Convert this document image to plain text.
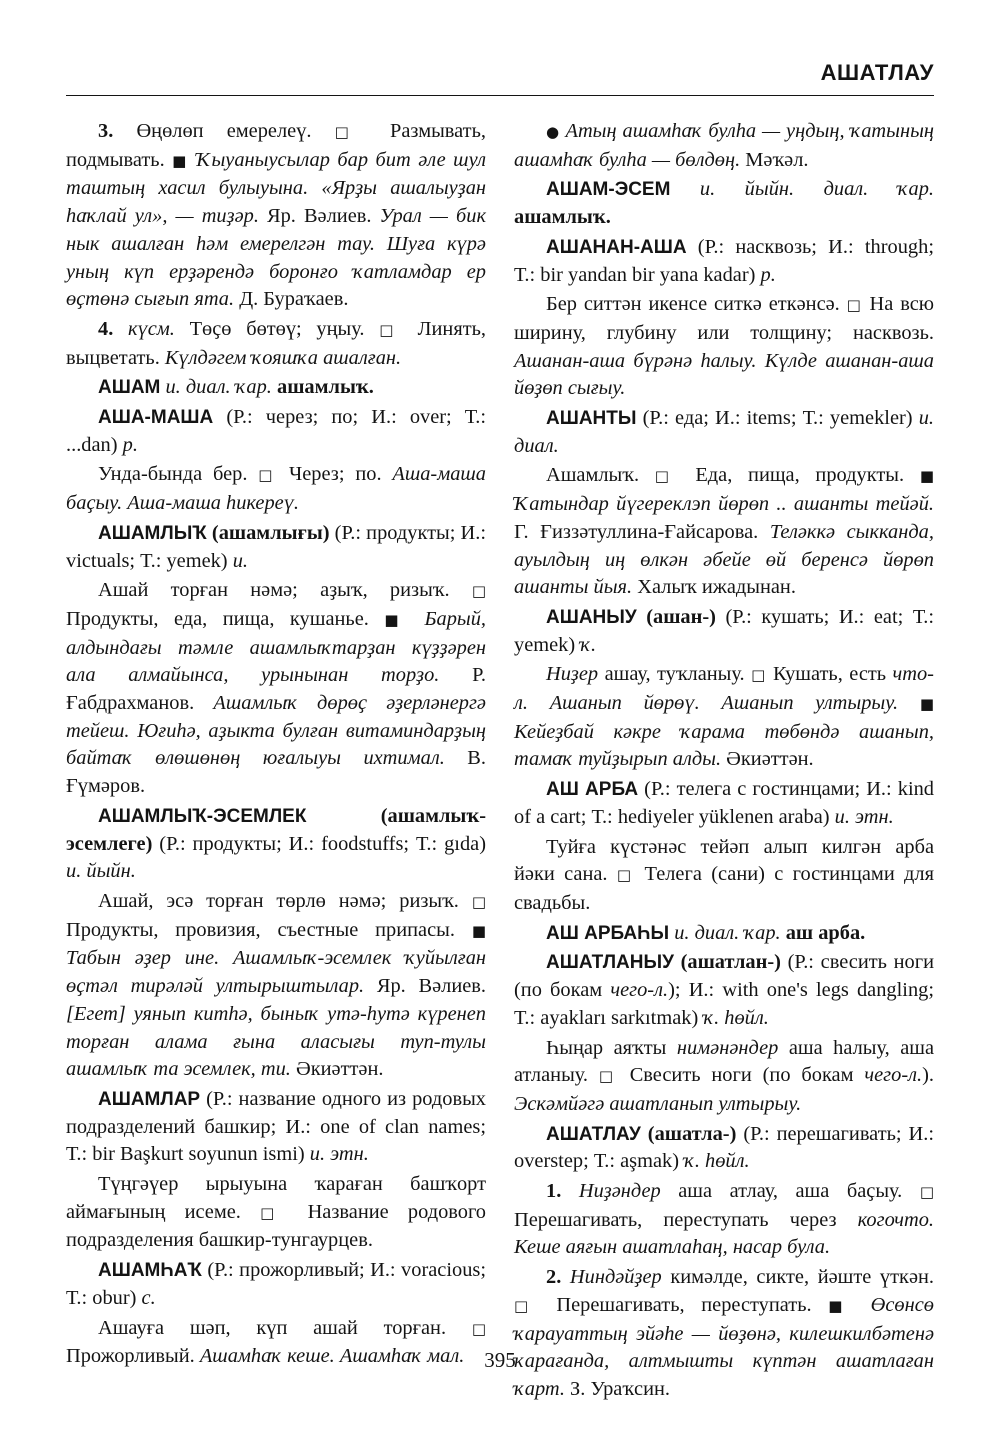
АШАТЛАУ

3. Өңөлөп емерелеү. □ Размывать, подмывать. ■ Ҡыуаныусылар бар бит әле шул таштың хасил булыуына. «Ярҙы ашалыуҙан һаҡлай ул», — тиҙәр. Яр. Вәлиев. Урал — бик нык ашалған һәм емерелгән тау. Шуға күрә уның күп ерҙәрендә боронғо ҡатламдар ер өҫтөнә сығып ята. Д. Бураҡаев.

4. күсм. Төҫө бөтөү; уңыу. □ Линять, выцветать. Күлдәгем ҡояшҡа ашалған.

АШАМ и. диал. ҡар. ашамлыҡ.

АША-МАША (Р.: через; по; И.: over; Т.: ...dan) р.

Унда-бында бер. □ Через; по. Аша-маша баҫыу. Аша-маша һикереү.

АШАМЛЫҠ (ашамлығы) (Р.: продукты; И.: victuals; Т.: yemek) и.

Ашай торған нәмә; аҙыҡ, ризыҡ. □ Продукты, еда, пища, кушанье. ■ Барый, алдындағы тәмле ашамлыҡтарҙан күҙҙәрен ала алмайынса, урынынан торҙо. Р. Ғабдрахманов. Ашамлыҡ дөрөҫ әҙерләнергә тейеш. Юғиһә, аҙыкта булған витаминдарҙың байтаҡ өлөшөнөң юғалыуы ихтимал. В. Ғүмәров.

АШАМЛЫҠ-ЭСЕМЛЕК (ашамлыҡ-эсемлеге) (Р.: продукты; И.: foodstuffs; Т.: gıda) и. йыйн.

Ашай, эсә торған төрлө нәмә; ризыҡ. □ Продукты, провизия, съестные припасы. ■ Табын әҙер ине. Ашамлыҡ-эсемлек ҡуйылған өҫтәл тирәләй ултырыштылар. Яр. Вәлиев. [Егет] уянып китһә, быныҡ утә-һутә күренеп торған алама ғына аласығы туп-тулы ашамлыҡ та эсемлек, ти. Әкиәттән.

АШАМЛАР (Р.: название одного из родовых подразделений башкир; И.: one of clan names; Т.: bir Başkurt soyunun ismi) и. этн.

Түңгәүер ырыуына ҡараған башҡорт аймағының исеме. □ Название родового подразделения башкир-тунгаурцев.

АШАМҺАҠ (Р.: прожорливый; И.: voracious; Т.: obur) с.

Ашауға шәп, күп ашай торған. □ Прожорливый. Ашамһаҡ кеше. Ашамһаҡ мал.

● Атың ашамһаҡ булһа — уңдың, ҡатының ашамһаҡ булһа — бөлдөң. Мәҡәл.

АШАМ-ЭСЕМ и. йыйн. диал. ҡар. ашамлыҡ.

АШАНАН-АША (Р.: насквозь; И.: through; Т.: bir yandan bir yana kadar) р.

Бер ситтән икенсе ситкә еткәнсә. □ На всю ширину, глубину или толщину; насквозь. Ашанан-аша бүрәнә һалыу. Күлде ашанан-аша йөҙөп сығыу.

АШАНТЫ (Р.: еда; И.: items; Т.: yemekler) и. диал.

Ашамлыҡ. □ Еда, пища, продукты. ■ Ҡатындар йүгереклэп йөрөп .. ашанты тейәй. Г. Ғиззәтуллина-Ғайсарова. Теләккә сыкканда, ауылдың иң өлкән әбейе өй беренсә йөрөп ашанты йыя. Халыҡ ижадынан.

АШАНЫУ (ашан-) (Р.: кушать; И.: eat; Т.: yemek) ҡ.

Ниҙер ашау, туҡланыу. □ Кушать, есть что-л. Ашанып йөрөү. Ашанып ултырыу. ■ Кейеҙбай кәкре ҡарама төбөндә ашанып, тамаҡ туйҙырып алды. Әкиәттән.

АШ АРБА (Р.: телега с гостинцами; И.: kind of a cart; Т.: hediyeler yüklenen araba) и. этн.

Туйға күстәнәс тейәп алып килгән арба йәки сана. □ Телега (сани) с гостинцами для свадьбы.

АШ АРБАҺЫ и. диал. ҡар. аш арба.

АШАТЛАНЫУ (ашатлан-) (Р.: свесить ноги (по бокам чего-л.); И.: with one's legs dangling; Т.: ayakları sarkıtmak) ҡ. һөйл.

Һыңар аяҡты нимәнәндер аша һалыу, аша атланыу. □ Свесить ноги (по бокам чего-л.). Эскәмйәгә ашатланып ултырыу.

АШАТЛАУ (ашатла-) (Р.: перешагивать; И.: overstep; Т.: aşmak) ҡ. һөйл.

1. Ниҙәндер аша атлау, аша баҫыу. □ Перешагивать, переступать через когочто. Кеше аяғын ашатлаһаң, насар була.

2. Ниндәйҙер кимәлде, сикте, йәште үткән. □ Перешагивать, переступать. ■ Өсөнсө ҡарауаттың эйәһе — йөҙөнә, килешкилбәтенә ҡарағанда, алтмышты күптән ашатлаған ҡарт. З. Ураҡсин.

395
